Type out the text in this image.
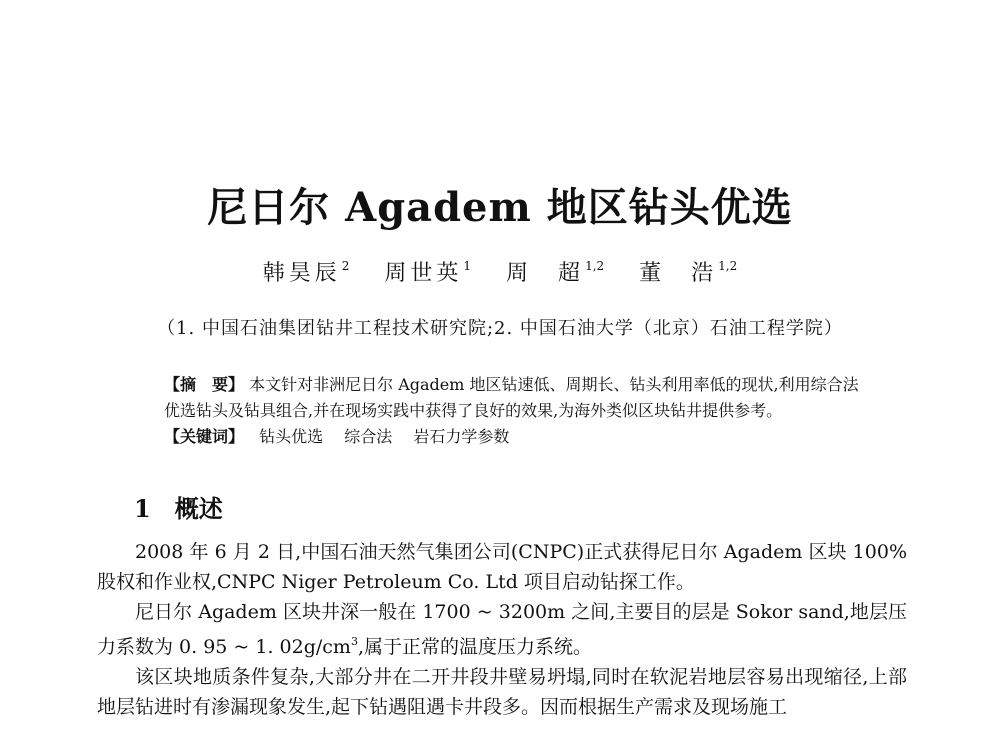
尼日尔 Agadem 地区钻头优选
韩昊辰$^2$ 周世英$^1$ 周　超$^{1,2}$ 董　浩$^{1,2}$
（1. 中国石油集团钻井工程技术研究院;2. 中国石油大学（北京）石油工程学院）

【摘　要】 本文针对非洲尼日尔 Agadem 地区钻速低、周期长、钻头利用率低的现状,利用综合法优选钻头及钻具组合,并在现场实践中获得了良好的效果,为海外类似区块钻井提供参考。

【关键词】 钻头优选 综合法 岩石力学参数

1 概述

2008 年 6 月 2 日,中国石油天然气集团公司(CNPC)正式获得尼日尔 Agadem 区块 100% 股权和作业权,CNPC Niger Petroleum Co. Ltd 项目启动钻探工作。

尼日尔 Agadem 区块井深一般在 1700 ~ 3200m 之间,主要目的层是 Sokor sand,地层压力系数为 0. 95 ~ 1. $02g/cm^3$,属于正常的温度压力系统。

该区块地质条件复杂,大部分井在二开井段井壁易坍塌,同时在软泥岩地层容易出现缩径,上部地层钻进时有渗漏现象发生,起下钻遇阻遇卡井段多。因而根据生产需求及现场施工
